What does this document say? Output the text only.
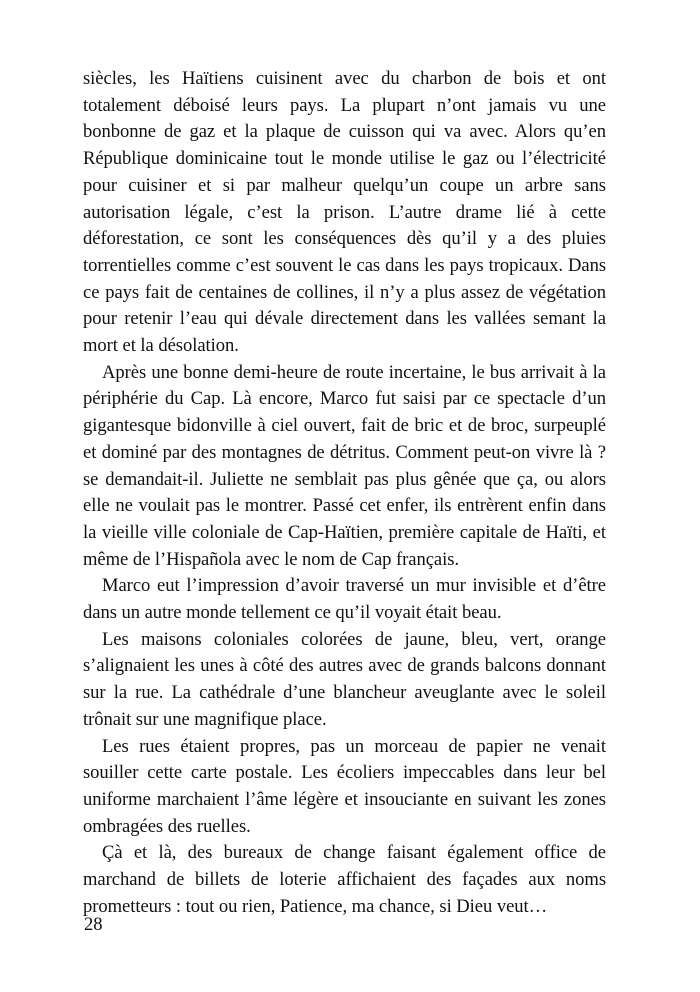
siècles, les Haïtiens cuisinent avec du charbon de bois et ont totalement déboisé leurs pays. La plupart n’ont jamais vu une bonbonne de gaz et la plaque de cuisson qui va avec. Alors qu’en République dominicaine tout le monde utilise le gaz ou l’électricité pour cuisiner et si par malheur quelqu’un coupe un arbre sans autorisation légale, c’est la prison. L’autre drame lié à cette déforestation, ce sont les conséquences dès qu’il y a des pluies torrentielles comme c’est souvent le cas dans les pays tropicaux. Dans ce pays fait de centaines de collines, il n’y a plus assez de végétation pour retenir l’eau qui dévale directement dans les vallées semant la mort et la désolation.

Après une bonne demi-heure de route incertaine, le bus arrivait à la périphérie du Cap. Là encore, Marco fut saisi par ce spectacle d’un gigantesque bidonville à ciel ouvert, fait de bric et de broc, surpeuplé et dominé par des montagnes de détritus. Comment peut-on vivre là ? se demandait-il. Juliette ne semblait pas plus gênée que ça, ou alors elle ne voulait pas le montrer. Passé cet enfer, ils entrèrent enfin dans la vieille ville coloniale de Cap-Haïtien, première capitale de Haïti, et même de l’Hispañola avec le nom de Cap français.

Marco eut l’impression d’avoir traversé un mur invisible et d’être dans un autre monde tellement ce qu’il voyait était beau.

Les maisons coloniales colorées de jaune, bleu, vert, orange s’alignaient les unes à côté des autres avec de grands balcons donnant sur la rue. La cathédrale d’une blancheur aveuglante avec le soleil trônait sur une magnifique place.

Les rues étaient propres, pas un morceau de papier ne venait souiller cette carte postale. Les écoliers impeccables dans leur bel uniforme marchaient l’âme légère et insouciante en suivant les zones ombragées des ruelles.

Çà et là, des bureaux de change faisant également office de marchand de billets de loterie affichaient des façades aux noms prometteurs : tout ou rien, Patience, ma chance, si Dieu veut…

28
